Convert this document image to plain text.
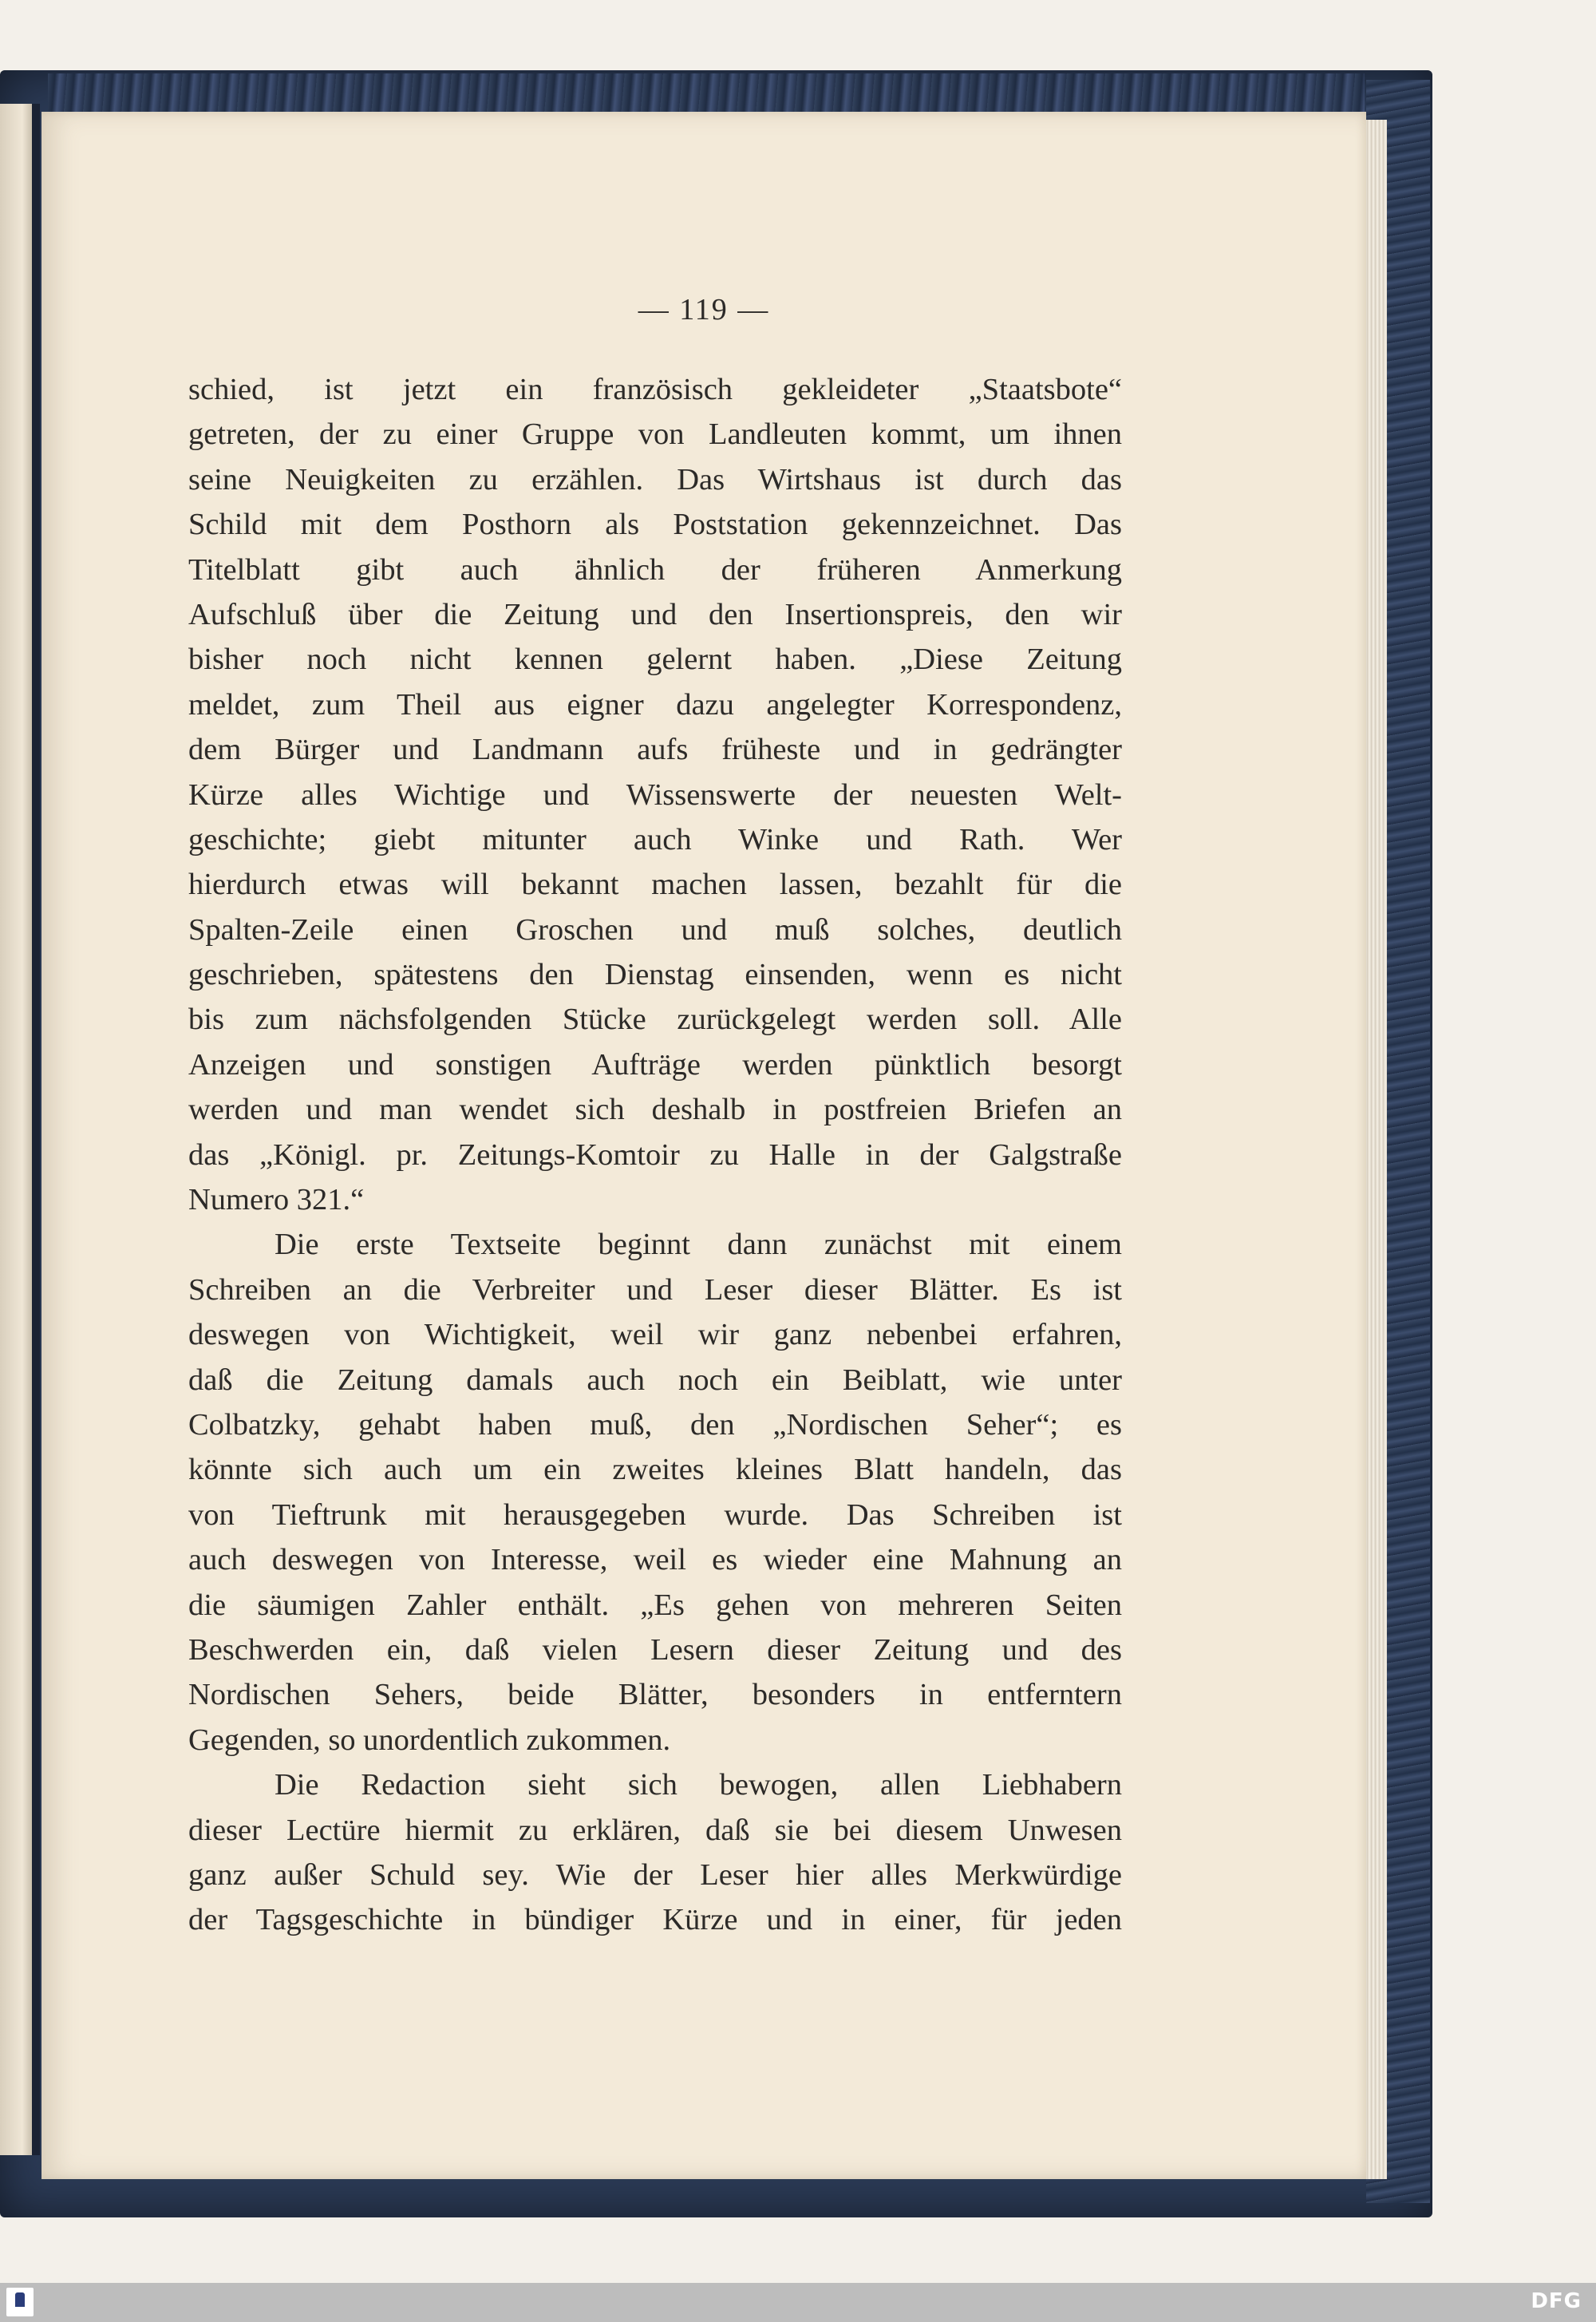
— 119 —
schied, ist jetzt ein französisch gekleideter „Staatsbote“
getreten, der zu einer Gruppe von Landleuten kommt, um ihnen
seine Neuigkeiten zu erzählen. Das Wirtshaus ist durch das
Schild mit dem Posthorn als Poststation gekennzeichnet. Das
Titelblatt gibt auch ähnlich der früheren Anmerkung
Aufschluß über die Zeitung und den Insertionspreis, den wir
bisher noch nicht kennen gelernt haben. „Diese Zeitung
meldet, zum Theil aus eigner dazu angelegter Korrespondenz,
dem Bürger und Landmann aufs früheste und in gedrängter
Kürze alles Wichtige und Wissenswerte der neuesten Welt-
geschichte; giebt mitunter auch Winke und Rath. Wer
hierdurch etwas will bekannt machen lassen, bezahlt für die
Spalten-Zeile einen Groschen und muß solches, deutlich
geschrieben, spätestens den Dienstag einsenden, wenn es nicht
bis zum nächsfolgenden Stücke zurückgelegt werden soll. Alle
Anzeigen und sonstigen Aufträge werden pünktlich besorgt
werden und man wendet sich deshalb in postfreien Briefen an
das „Königl. pr. Zeitungs-Komtoir zu Halle in der Galgstraße
Numero 321.“
Die erste Textseite beginnt dann zunächst mit einem
Schreiben an die Verbreiter und Leser dieser Blätter. Es ist
deswegen von Wichtigkeit, weil wir ganz nebenbei erfahren,
daß die Zeitung damals auch noch ein Beiblatt, wie unter
Colbatzky, gehabt haben muß, den „Nordischen Seher“; es
könnte sich auch um ein zweites kleines Blatt handeln, das
von Tieftrunk mit herausgegeben wurde. Das Schreiben ist
auch deswegen von Interesse, weil es wieder eine Mahnung an
die säumigen Zahler enthält. „Es gehen von mehreren Seiten
Beschwerden ein, daß vielen Lesern dieser Zeitung und des
Nordischen Sehers, beide Blätter, besonders in entferntern
Gegenden, so unordentlich zukommen.
Die Redaction sieht sich bewogen, allen Liebhabern
dieser Lectüre hiermit zu erklären, daß sie bei diesem Unwesen
ganz außer Schuld sey. Wie der Leser hier alles Merkwürdige
der Tagsgeschichte in bündiger Kürze und in einer, für jeden
DFG
